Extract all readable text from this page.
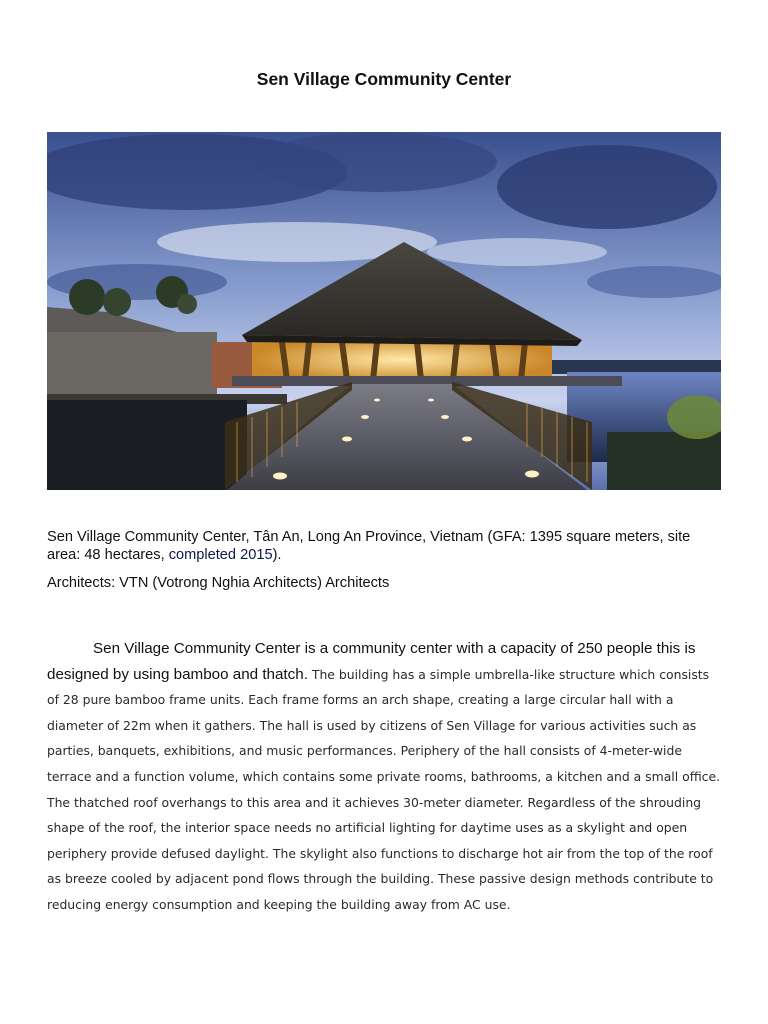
Sen Village Community Center

Sen Village Community Center, Tân An, Long An Province, Vietnam (GFA: 1395 square meters, site area: 48 hectares, completed 2015).

Architects: VTN (Votrong Nghia Architects) Architects

Sen Village Community Center is a community center with a capacity of 250 people this is designed by using bamboo and thatch. The building has a simple umbrella-like structure which consists of 28 pure bamboo frame units. Each frame forms an arch shape, creating a large circular hall with a diameter of 22m when it gathers. The hall is used by citizens of Sen Village for various activities such as parties, banquets, exhibitions, and music performances. Periphery of the hall consists of 4-meter-wide terrace and a function volume, which contains some private rooms, bathrooms, a kitchen and a small office. The thatched roof overhangs to this area and it achieves 30-meter diameter. Regardless of the shrouding shape of the roof, the interior space needs no artificial lighting for daytime uses as a skylight and open periphery provide defused daylight. The skylight also functions to discharge hot air from the top of the roof as breeze cooled by adjacent pond flows through the building. These passive design methods contribute to reducing energy consumption and keeping the building away from AC use.
